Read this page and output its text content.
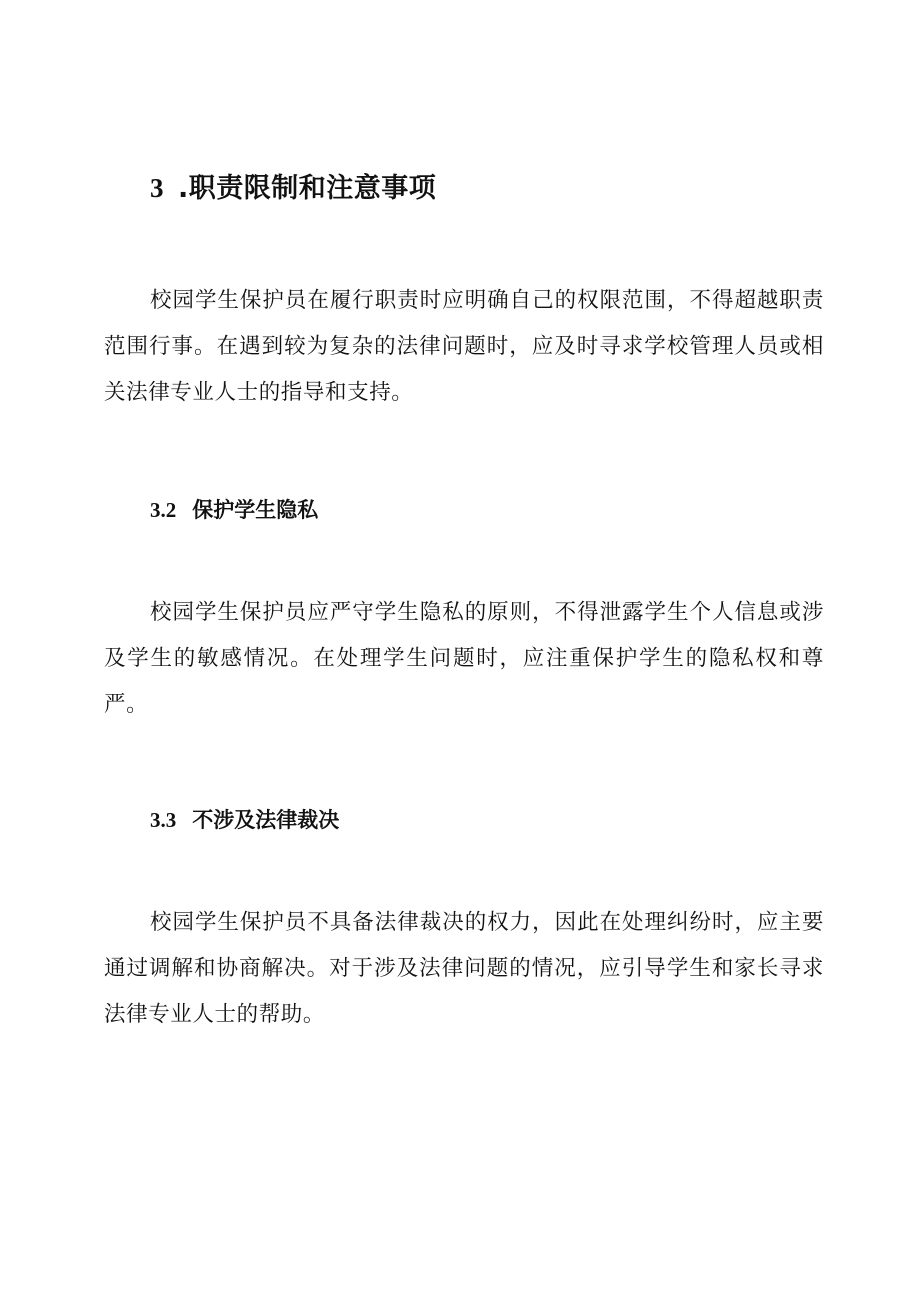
3 .职责限制和注意事项

校园学生保护员在履行职责时应明确自己的权限范围，不得超越职责范围行事。在遇到较为复杂的法律问题时，应及时寻求学校管理人员或相关法律专业人士的指导和支持。

3.2 保护学生隐私

校园学生保护员应严守学生隐私的原则，不得泄露学生个人信息或涉及学生的敏感情况。在处理学生问题时，应注重保护学生的隐私权和尊严。

3.3 不涉及法律裁决

校园学生保护员不具备法律裁决的权力，因此在处理纠纷时，应主要通过调解和协商解决。对于涉及法律问题的情况，应引导学生和家长寻求法律专业人士的帮助。
